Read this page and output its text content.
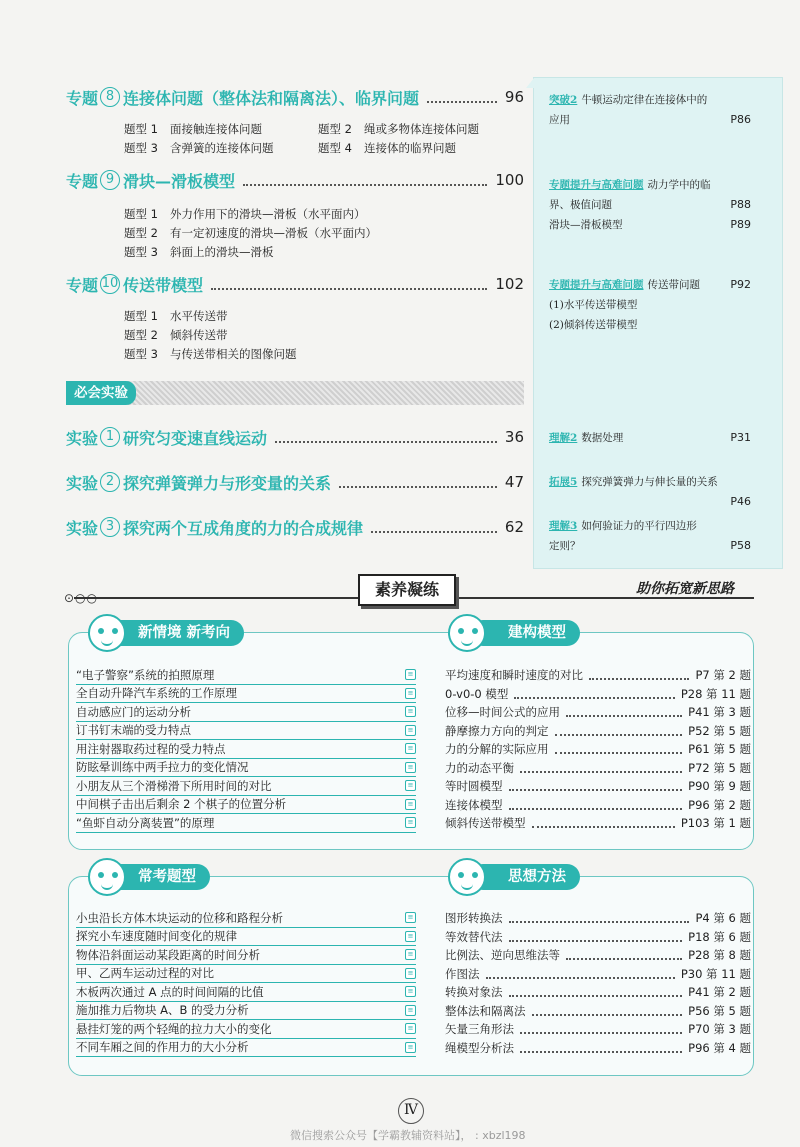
专题 8 连接体问题（整体法和隔离法）、临界问题	96
题型 1 面接触连接体问题	题型 2 绳或多物体连接体问题
题型 3 含弹簧的连接体问题	题型 4 连接体的临界问题
专题 9 滑块—滑板模型	100
题型 1 外力作用下的滑块—滑板（水平面内）
题型 2 有一定初速度的滑块—滑板（水平面内）
题型 3 斜面上的滑块—滑板
专题 10 传送带模型	102
题型 1 水平传送带
题型 2 倾斜传送带
题型 3 与传送带相关的图像问题
必会实验
实验 1 研究匀变速直线运动	36
实验 2 探究弹簧弹力与形变量的关系	47
实验 3 探究两个互成角度的力的合成规律	62
突破2 牛顿运动定律在连接体中的
应用	P86
专题提升与高难问题 动力学中的临
界、极值问题	P88
滑块—滑板模型	P89
专题提升与高难问题 传送带问题	P92
(1)水平传送带模型
(2)倾斜传送带模型
理解2 数据处理	P31
拓展5 探究弹簧弹力与伸长量的关系
P46

理解3 如何验证力的平行四边形
定则？	P58
⊙○○	素养凝练	助你拓宽新思路
新情境 新考向	建构模型
“电子警察”系统的拍照原理	≡
全自动升降汽车系统的工作原理	≡
自动感应门的运动分析	≡
订书钉末端的受力特点	≡
用注射器取药过程的受力特点	≡
防眩晕训练中两手拉力的变化情况	≡
小朋友从三个滑梯滑下所用时间的对比	≡
中间棋子击出后剩余 2 个棋子的位置分析	≡
“鱼虾自动分离装置”的原理	≡
平均速度和瞬时速度的对比	P7 第 2 题
0-v0-0 模型	P28 第 11 题
位移—时间公式的应用	P41 第 3 题
静摩擦力方向的判定	P52 第 5 题
力的分解的实际应用	P61 第 5 题
力的动态平衡	P72 第 5 题
等时圆模型	P90 第 9 题
连接体模型	P96 第 2 题
倾斜传送带模型	P103 第 1 题
常考题型	思想方法
小虫沿长方体木块运动的位移和路程分析	≡
探究小车速度随时间变化的规律	≡
物体沿斜面运动某段距离的时间分析	≡
甲、乙两车运动过程的对比	≡
木板两次通过 A 点的时间间隔的比值	≡
施加推力后物块 A、B 的受力分析	≡
悬挂灯笼的两个轻绳的拉力大小的变化	≡
不同车厢之间的作用力的大小分析	≡
图形转换法	P4 第 6 题
等效替代法	P18 第 6 题
比例法、逆向思维法等	P28 第 8 题
作图法	P30 第 11 题
转换对象法	P41 第 2 题
整体法和隔离法	P56 第 5 题
矢量三角形法	P70 第 3 题
绳模型分析法	P96 第 4 题
Ⅳ
微信搜索公众号【学霸教辅资料站】， : xbzl198
